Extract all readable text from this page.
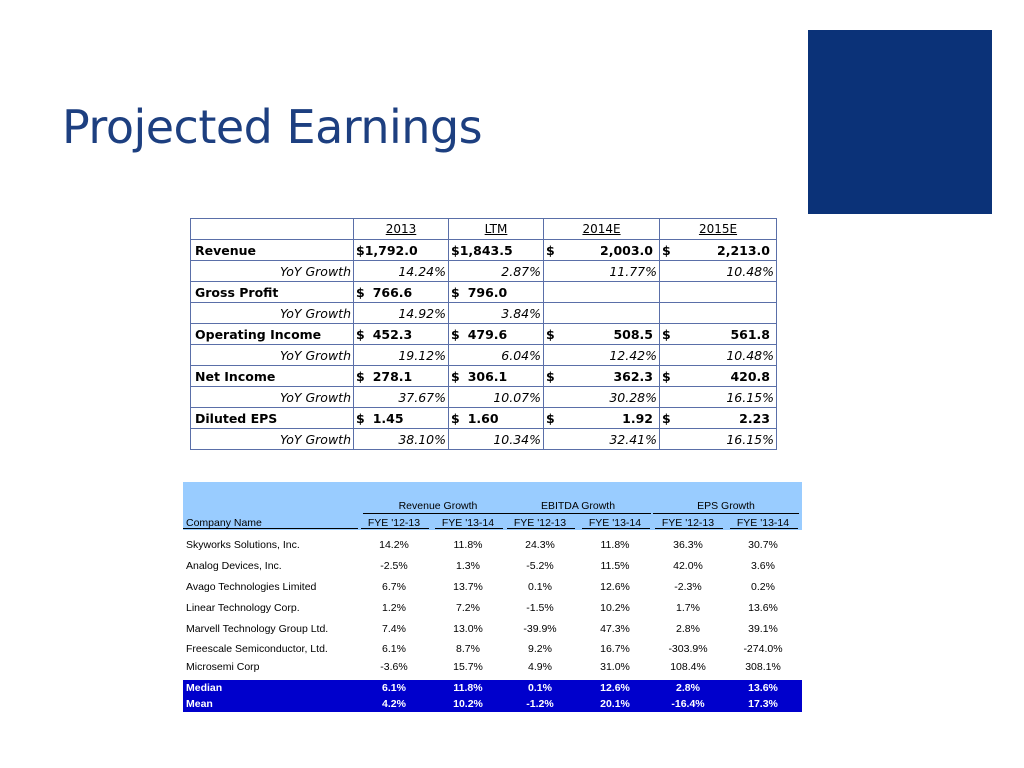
Projected Earnings
	2013	LTM	2014E	2015E
Revenue	$1,792.0	$1,843.5	$ 2,003.0	$ 2,213.0

YoY Growth	14.24%	2.87%	11.77%	10.48%
Gross Profit	$ 766.6	$ 796.0		

YoY Growth	14.92%	3.84%		
Operating Income	$ 452.3	$ 479.6	$ 508.5	$ 561.8

YoY Growth	19.12%	6.04%	12.42%	10.48%
Net Income	$ 278.1	$ 306.1	$ 362.3	$ 420.8

YoY Growth	37.67%	10.07%	30.28%	16.15%
Diluted EPS	$ 1.45	$ 1.60	$ 1.92	$ 2.23

YoY Growth	38.10%	10.34%	32.41%	16.15%
Revenue Growth	EBITDA Growth	EPS Growth
Company Name	FYE '12-13	FYE '13-14	FYE '12-13	FYE '13-14	FYE '12-13	FYE '13-14
Skyworks Solutions, Inc.	14.2%	11.8%	24.3%	11.8%	36.3%	30.7%
Analog Devices, Inc.	-2.5%	1.3%	-5.2%	11.5%	42.0%	3.6%
Avago Technologies Limited	6.7%	13.7%	0.1%	12.6%	-2.3%	0.2%
Linear Technology Corp.	1.2%	7.2%	-1.5%	10.2%	1.7%	13.6%
Marvell Technology Group Ltd.	7.4%	13.0%	-39.9%	47.3%	2.8%	39.1%
Freescale Semiconductor, Ltd.	6.1%	8.7%	9.2%	16.7%	-303.9%	-274.0%
Microsemi Corp	-3.6%	15.7%	4.9%	31.0%	108.4%	308.1%
Median	6.1%	11.8%	0.1%	12.6%	2.8%	13.6%
Mean	4.2%	10.2%	-1.2%	20.1%	-16.4%	17.3%
